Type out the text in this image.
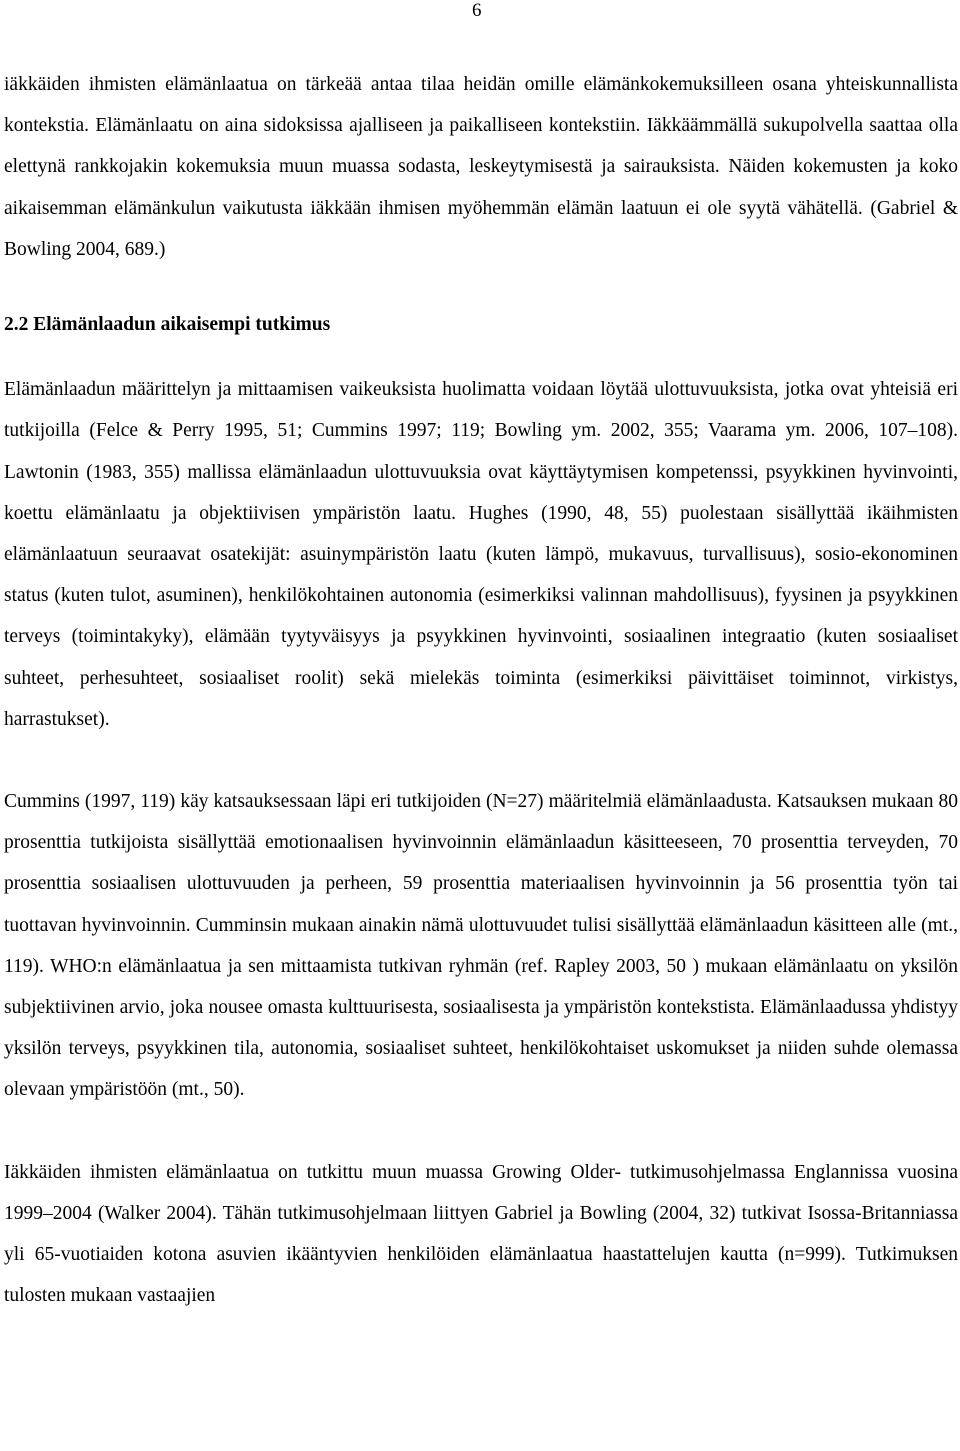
6

iäkkäiden ihmisten elämänlaatua on tärkeää antaa tilaa heidän omille elämänkokemuksilleen osana yhteiskunnallista kontekstia. Elämänlaatu on aina sidoksissa ajalliseen ja paikalliseen kontekstiin. Iäkkäämmällä sukupolvella saattaa olla elettynä rankkojakin kokemuksia muun muassa sodasta, leskeytymisestä ja sairauksista. Näiden kokemusten ja koko aikaisemman elämänkulun vaikutusta iäkkään ihmisen myöhemmän elämän laatuun ei ole syytä vähätellä. (Gabriel & Bowling 2004, 689.)

2.2 Elämänlaadun aikaisempi tutkimus

Elämänlaadun määrittelyn ja mittaamisen vaikeuksista huolimatta voidaan löytää ulottuvuuksista, jotka ovat yhteisiä eri tutkijoilla (Felce & Perry 1995, 51; Cummins 1997; 119; Bowling ym. 2002, 355; Vaarama ym. 2006, 107–108). Lawtonin (1983, 355) mallissa elämänlaadun ulottuvuuksia ovat käyttäytymisen kompetenssi, psyykkinen hyvinvointi, koettu elämänlaatu ja objektiivisen ympäristön laatu. Hughes (1990, 48, 55) puolestaan sisällyttää ikäihmisten elämänlaatuun seuraavat osatekijät: asuinympäristön laatu (kuten lämpö, mukavuus, turvallisuus), sosio-ekonominen status (kuten tulot, asuminen), henkilökohtainen autonomia (esimerkiksi valinnan mahdollisuus), fyysinen ja psyykkinen terveys (toimintakyky), elämään tyytyväisyys ja psyykkinen hyvinvointi, sosiaalinen integraatio (kuten sosiaaliset suhteet, perhesuhteet, sosiaaliset roolit) sekä mielekäs toiminta (esimerkiksi päivittäiset toiminnot, virkistys, harrastukset).

Cummins (1997, 119) käy katsauksessaan läpi eri tutkijoiden (N=27) määritelmiä elämänlaadusta. Katsauksen mukaan 80 prosenttia tutkijoista sisällyttää emotionaalisen hyvinvoinnin elämänlaadun käsitteeseen, 70 prosenttia terveyden, 70 prosenttia sosiaalisen ulottuvuuden ja perheen, 59 prosenttia materiaalisen hyvinvoinnin ja 56 prosenttia työn tai tuottavan hyvinvoinnin. Cumminsin mukaan ainakin nämä ulottuvuudet tulisi sisällyttää elämänlaadun käsitteen alle (mt., 119). WHO:n elämänlaatua ja sen mittaamista tutkivan ryhmän (ref. Rapley 2003, 50 ) mukaan elämänlaatu on yksilön subjektiivinen arvio, joka nousee omasta kulttuurisesta, sosiaalisesta ja ympäristön kontekstista. Elämänlaadussa yhdistyy yksilön terveys, psyykkinen tila, autonomia, sosiaaliset suhteet, henkilökohtaiset uskomukset ja niiden suhde olemassa olevaan ympäristöön (mt., 50).

Iäkkäiden ihmisten elämänlaatua on tutkittu muun muassa Growing Older- tutkimusohjelmassa Englannissa vuosina 1999–2004 (Walker 2004). Tähän tutkimusohjelmaan liittyen Gabriel ja Bowling (2004, 32) tutkivat Isossa-Britanniassa yli 65-vuotiaiden kotona asuvien ikääntyvien henkilöiden elämänlaatua haastattelujen kautta (n=999). Tutkimuksen tulosten mukaan vastaajien
